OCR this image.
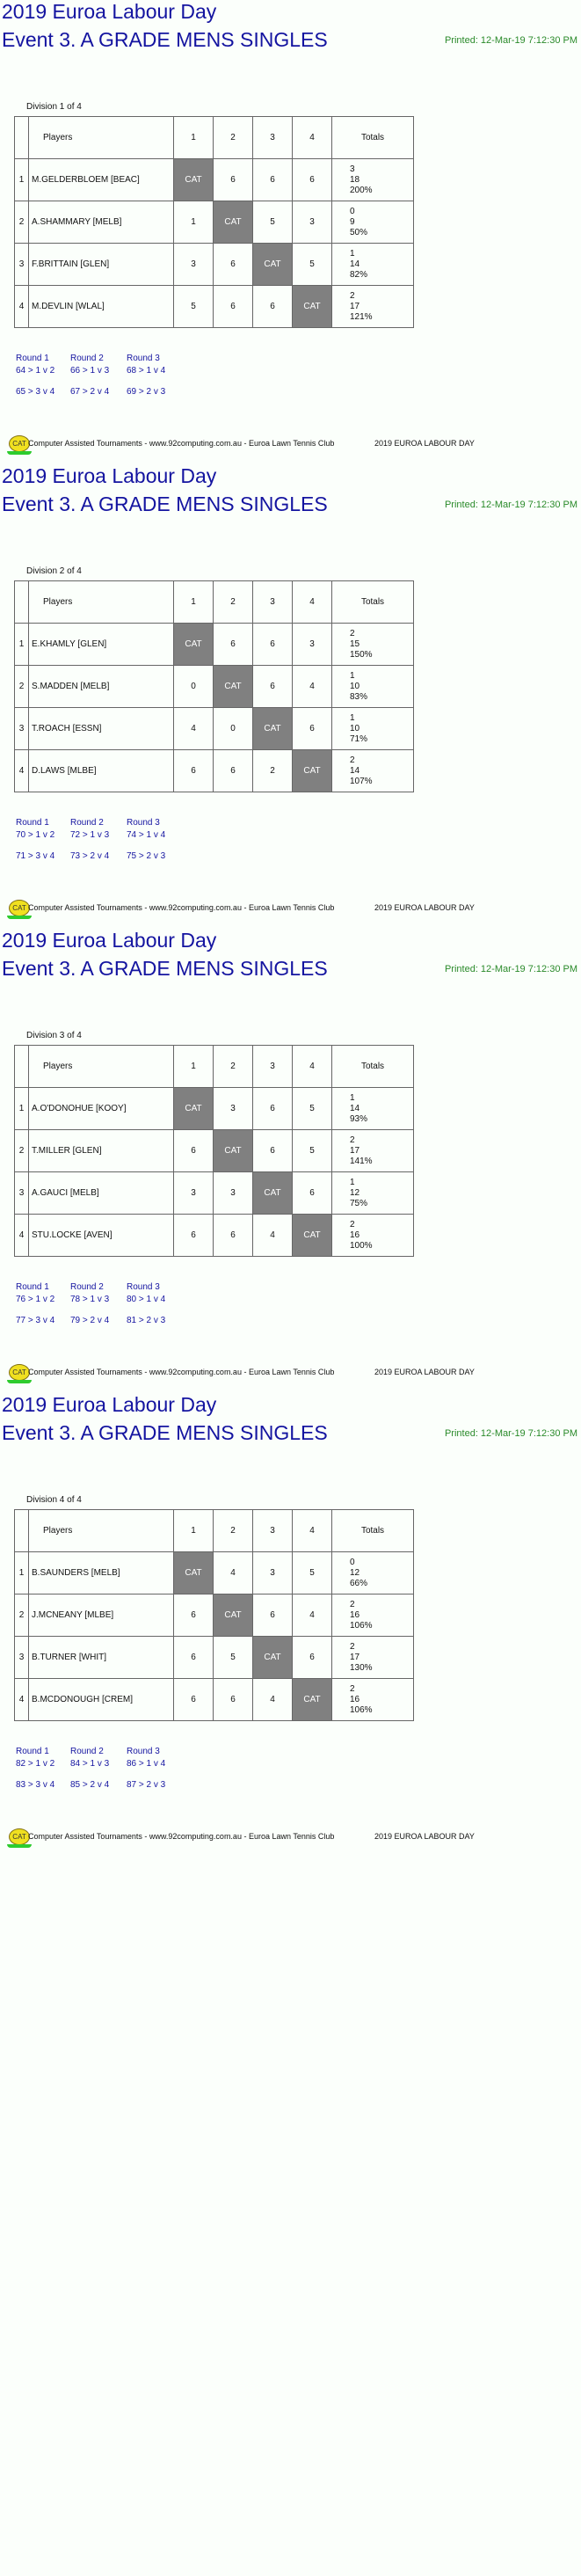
2019 Euroa Labour Day
Event 3. A GRADE MENS SINGLES	Printed: 12-Mar-19 7:12:30 PM
Division 1 of 4
	Players	1	2	3	4	Totals
1	M.GELDERBLOEM [BEAC]	CAT	6	6	6	3
18
200%

2	A.SHAMMARY [MELB]	1	CAT	5	3	0
9
50%

3	F.BRITTAIN [GLEN]	3	6	CAT	5	1
14
82%

4	M.DEVLIN [WLAL]	5	6	6	CAT	2
17
121%
Round 1
64 > 1 v 2
65 > 3 v 4
Round 2
66 > 1 v 3
67 > 2 v 4
Round 3
68 > 1 v 4
69 > 2 v 3
CAT Computer Assisted Tournaments - www.92computing.com.au - Euroa Lawn Tennis Club	2019 EUROA LABOUR DAY
2019 Euroa Labour Day
Event 3. A GRADE MENS SINGLES	Printed: 12-Mar-19 7:12:30 PM
Division 2 of 4
	Players	1	2	3	4	Totals
1	E.KHAMLY [GLEN]	CAT	6	6	3	2
15
150%

2	S.MADDEN [MELB]	0	CAT	6	4	1
10
83%

3	T.ROACH [ESSN]	4	0	CAT	6	1
10
71%

4	D.LAWS [MLBE]	6	6	2	CAT	2
14
107%
Round 1
70 > 1 v 2
71 > 3 v 4
Round 2
72 > 1 v 3
73 > 2 v 4
Round 3
74 > 1 v 4
75 > 2 v 3
CAT Computer Assisted Tournaments - www.92computing.com.au - Euroa Lawn Tennis Club	2019 EUROA LABOUR DAY
2019 Euroa Labour Day
Event 3. A GRADE MENS SINGLES	Printed: 12-Mar-19 7:12:30 PM
Division 3 of 4
	Players	1	2	3	4	Totals
1	A.O'DONOHUE [KOOY]	CAT	3	6	5	1
14
93%

2	T.MILLER [GLEN]	6	CAT	6	5	2
17
141%

3	A.GAUCI [MELB]	3	3	CAT	6	1
12
75%

4	STU.LOCKE [AVEN]	6	6	4	CAT	2
16
100%
Round 1
76 > 1 v 2
77 > 3 v 4
Round 2
78 > 1 v 3
79 > 2 v 4
Round 3
80 > 1 v 4
81 > 2 v 3
CAT Computer Assisted Tournaments - www.92computing.com.au - Euroa Lawn Tennis Club	2019 EUROA LABOUR DAY
2019 Euroa Labour Day
Event 3. A GRADE MENS SINGLES	Printed: 12-Mar-19 7:12:30 PM
Division 4 of 4
	Players	1	2	3	4	Totals
1	B.SAUNDERS [MELB]	CAT	4	3	5	0
12
66%

2	J.MCNEANY [MLBE]	6	CAT	6	4	2
16
106%

3	B.TURNER [WHIT]	6	5	CAT	6	2
17
130%

4	B.MCDONOUGH [CREM]	6	6	4	CAT	2
16
106%
Round 1
82 > 1 v 2
83 > 3 v 4
Round 2
84 > 1 v 3
85 > 2 v 4
Round 3
86 > 1 v 4
87 > 2 v 3
CAT Computer Assisted Tournaments - www.92computing.com.au - Euroa Lawn Tennis Club	2019 EUROA LABOUR DAY
